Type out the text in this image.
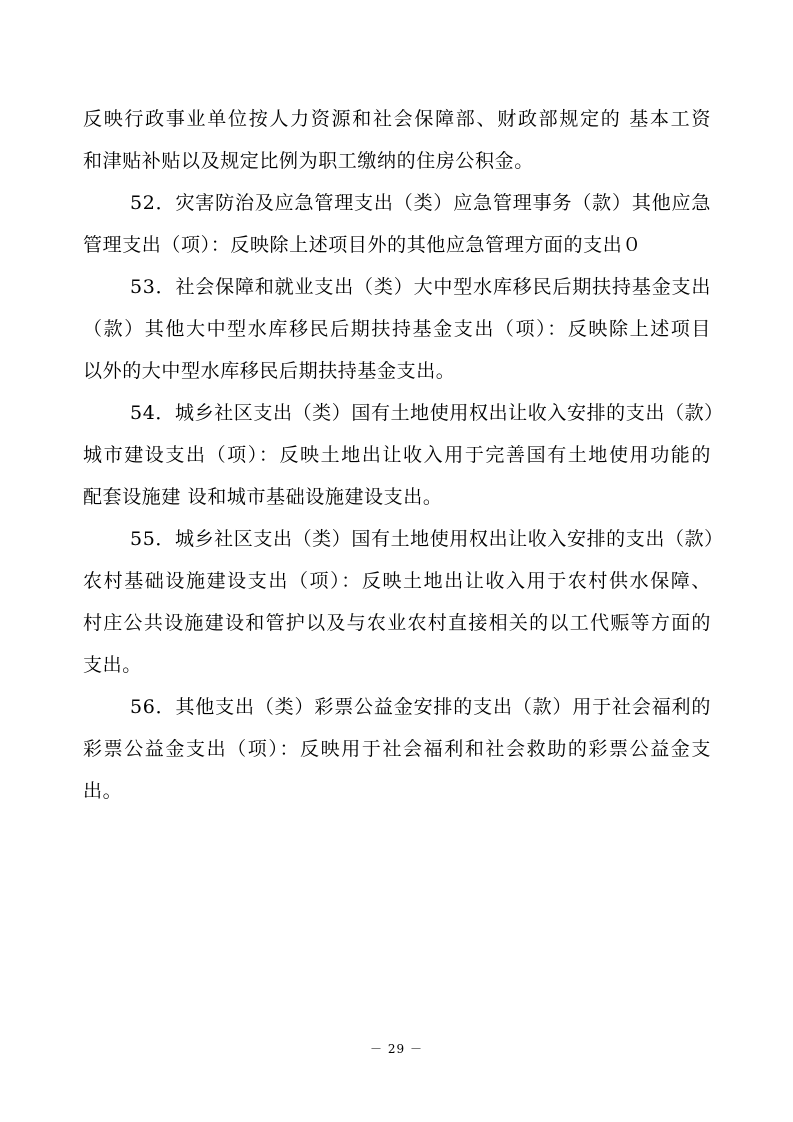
反映行政事业单位按人力资源和社会保障部、财政部规定的 基本工资
和津贴补贴以及规定比例为职工缴纳的住房公积金。
52．灾害防治及应急管理支出（类）应急管理事务（款）其他应急
管理支出（项）：反映除上述项目外的其他应急管理方面的支出０
53．社会保障和就业支出（类）大中型水库移民后期扶持基金支出
（款）其他大中型水库移民后期扶持基金支出（项）：反映除上述项目
以外的大中型水库移民后期扶持基金支出。
54．城乡社区支出（类）国有土地使用权出让收入安排的支出（款）
城市建设支出（项）：反映土地出让收入用于完善国有土地使用功能的
配套设施建 设和城市基础设施建设支出。
55．城乡社区支出（类）国有土地使用权出让收入安排的支出（款）
农村基础设施建设支出（项）：反映土地出让收入用于农村供水保障、
村庄公共设施建设和管护以及与农业农村直接相关的以工代赈等方面的
支出。
56．其他支出（类）彩票公益金安排的支出（款）用于社会福利的
彩票公益金支出（项）：反映用于社会福利和社会救助的彩票公益金支
出。
－ 29 －
